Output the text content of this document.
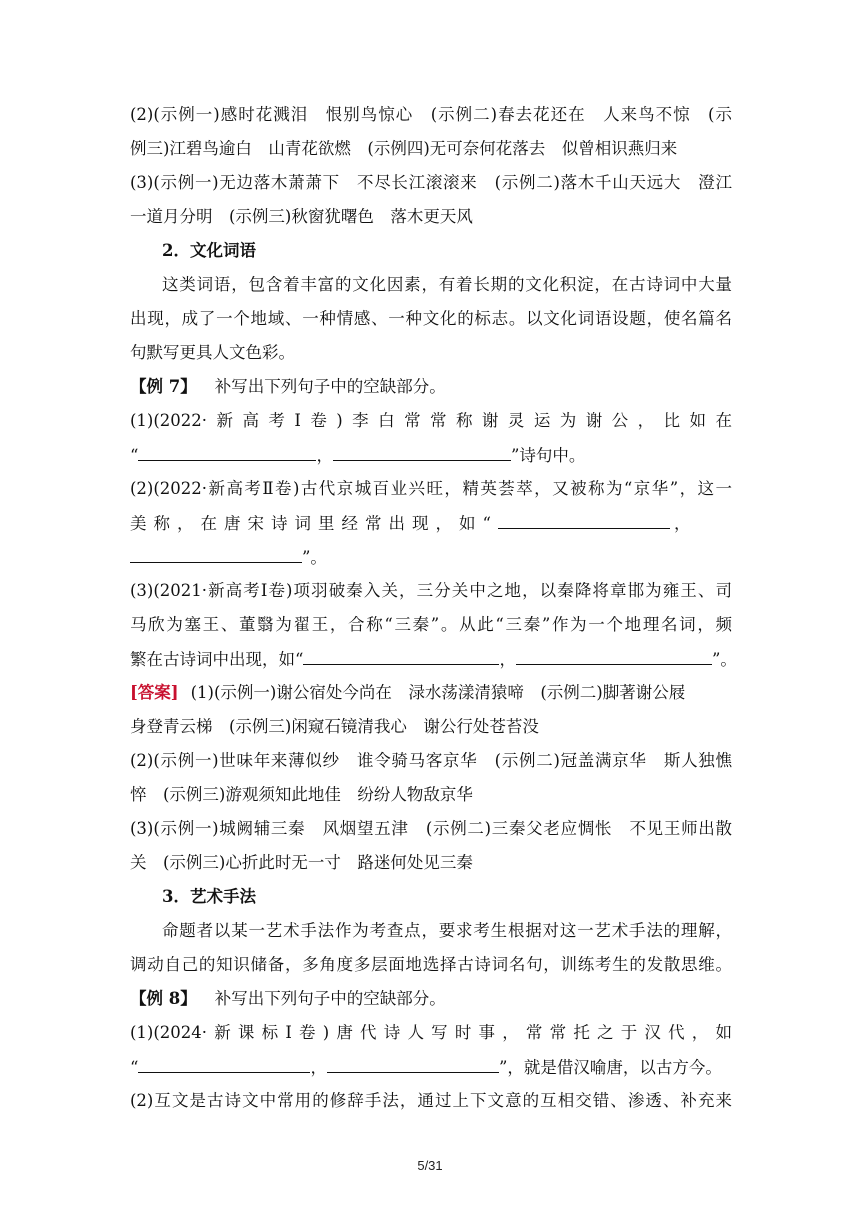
(2)(示例一)感时花溅泪　恨别鸟惊心　(示例二)春去花还在　人来鸟不惊　(示
例三)江碧鸟逾白　山青花欲燃　(示例四)无可奈何花落去　似曾相识燕归来
(3)(示例一)无边落木萧萧下　不尽长江滚滚来　(示例二)落木千山天远大　澄江
一道月分明　(示例三)秋窗犹曙色　落木更天风
2．文化词语
这类词语，包含着丰富的文化因素，有着长期的文化积淀，在古诗词中大量
出现，成了一个地域、一种情感、一种文化的标志。以文化词语设题，使名篇名
句默写更具人文色彩。
【例 7】 补写出下列句子中的空缺部分。
(1)(2022·新高考Ⅰ卷)李白常常称谢灵运为谢公，比如在
“	，	”诗句中。
(2)(2022·新高考Ⅱ卷)古代京城百业兴旺，精英荟萃，又被称为“京华”，这一
美称，在唐宋诗词里经常出现，如“	，
”。
(3)(2021·新高考Ⅰ卷)项羽破秦入关，三分关中之地，以秦降将章邯为雍王、司
马欣为塞王、董翳为翟王，合称“三秦”。从此“三秦”作为一个地理名词，频
繁在古诗词中出现，如“	，	”。
[答案] (1)(示例一)谢公宿处今尚在　渌水荡漾清猿啼　(示例二)脚著谢公屐
身登青云梯　(示例三)闲窥石镜清我心　谢公行处苍苔没
(2)(示例一)世味年来薄似纱　谁令骑马客京华　(示例二)冠盖满京华　斯人独憔
悴　(示例三)游观须知此地佳　纷纷人物敌京华
(3)(示例一)城阙辅三秦　风烟望五津　(示例二)三秦父老应惆怅　不见王师出散
关　(示例三)心折此时无一寸　路迷何处见三秦
3．艺术手法
命题者以某一艺术手法作为考查点，要求考生根据对这一艺术手法的理解，
调动自己的知识储备，多角度多层面地选择古诗词名句，训练考生的发散思维。
【例 8】 补写出下列句子中的空缺部分。
(1)(2024·新课标Ⅰ卷)唐代诗人写时事，常常托之于汉代，如
“	，	”，就是借汉喻唐，以古方今。
(2)互文是古诗文中常用的修辞手法，通过上下文意的互相交错、渗透、补充来
5/31
